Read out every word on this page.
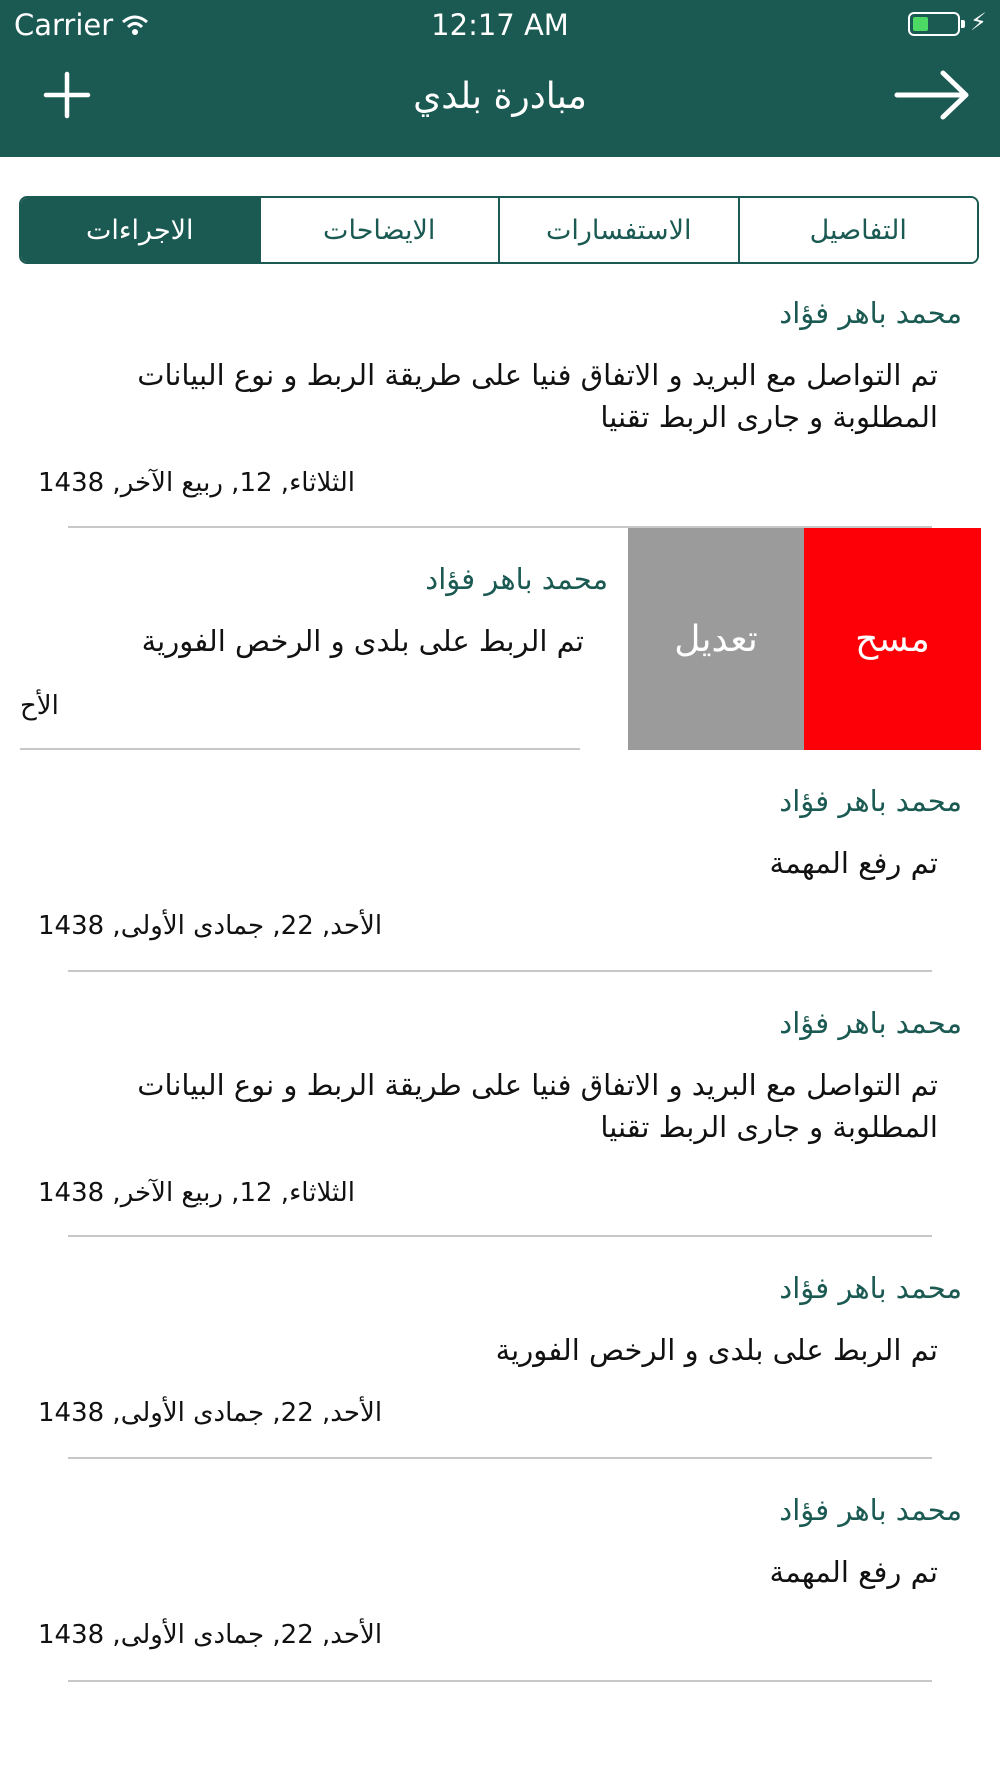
Carrier	12:17 AM	⚡
مبادرة بلدي
الاجراءات	الايضاحات	الاستفسارات	التفاصيل
محمد باهر فؤاد
تم التواصل مع البريد و الاتفاق فنيا على طريقة الربط و نوع البيانات المطلوبة و جارى الربط تقنيا
الثلاثاء, 12, ربيع الآخر, 1438
محمد باهر فؤاد
تم الربط على بلدى و الرخص الفورية
الأح
تعديل	مسح
محمد باهر فؤاد
تم رفع المهمة
الأحد, 22, جمادى الأولى, 1438
محمد باهر فؤاد
تم التواصل مع البريد و الاتفاق فنيا على طريقة الربط و نوع البيانات المطلوبة و جارى الربط تقنيا
الثلاثاء, 12, ربيع الآخر, 1438
محمد باهر فؤاد
تم الربط على بلدى و الرخص الفورية
الأحد, 22, جمادى الأولى, 1438
محمد باهر فؤاد
تم رفع المهمة
الأحد, 22, جمادى الأولى, 1438
